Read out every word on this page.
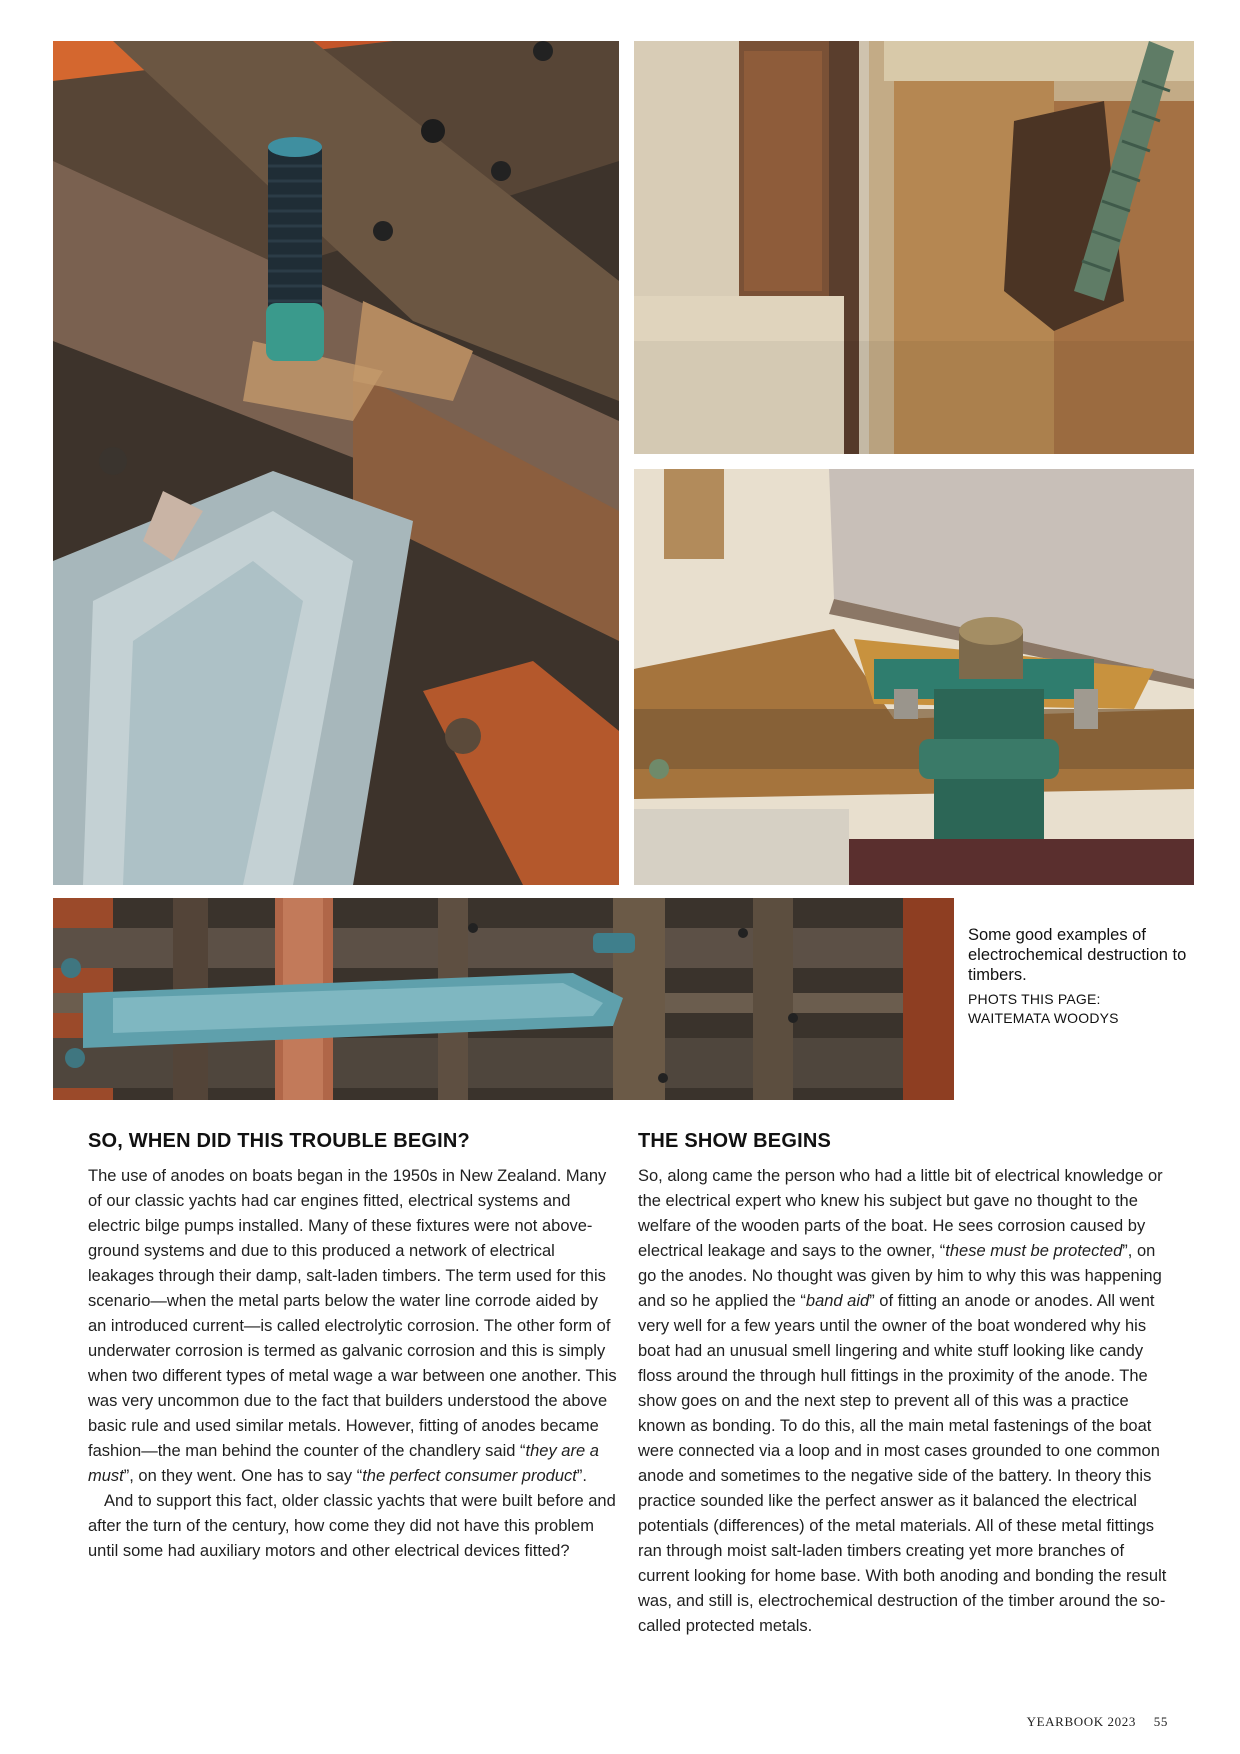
Some good examples of electrochemical destruction to timbers.

PHOTS THIS PAGE:
WAITEMATA WOODYS

SO, WHEN DID THIS TROUBLE BEGIN?

The use of anodes on boats began in the 1950s in New Zealand. Many of our classic yachts had car engines fitted, electrical systems and electric bilge pumps installed. Many of these fixtures were not above-ground systems and due to this produced a network of electrical leakages through their damp, salt-laden timbers. The term used for this scenario—when the metal parts below the water line corrode aided by an introduced current—is called electrolytic corrosion. The other form of underwater corrosion is termed as galvanic corrosion and this is simply when two different types of metal wage a war between one another. This was very uncommon due to the fact that builders understood the above basic rule and used similar metals. However, fitting of anodes became fashion—the man behind the counter of the chandlery said “they are a must”, on they went. One has to say “the perfect consumer product”.

And to support this fact, older classic yachts that were built before and after the turn of the century, how come they did not have this problem until some had auxiliary motors and other electrical devices fitted?

THE SHOW BEGINS

So, along came the person who had a little bit of electrical knowledge or the electrical expert who knew his subject but gave no thought to the welfare of the wooden parts of the boat. He sees corrosion caused by electrical leakage and says to the owner, “these must be protected”, on go the anodes. No thought was given by him to why this was happening and so he applied the “band aid” of fitting an anode or anodes. All went very well for a few years until the owner of the boat wondered why his boat had an unusual smell lingering and white stuff looking like candy floss around the through hull fittings in the proximity of the anode. The show goes on and the next step to prevent all of this was a practice known as bonding. To do this, all the main metal fastenings of the boat were connected via a loop and in most cases grounded to one common anode and sometimes to the negative side of the battery. In theory this practice sounded like the perfect answer as it balanced the electrical potentials (differences) of the metal materials. All of these metal fittings ran through moist salt-laden timbers creating yet more branches of current looking for home base. With both anoding and bonding the result was, and still is, electrochemical destruction of the timber around the so-called protected metals.

YEARBOOK 2023 55
